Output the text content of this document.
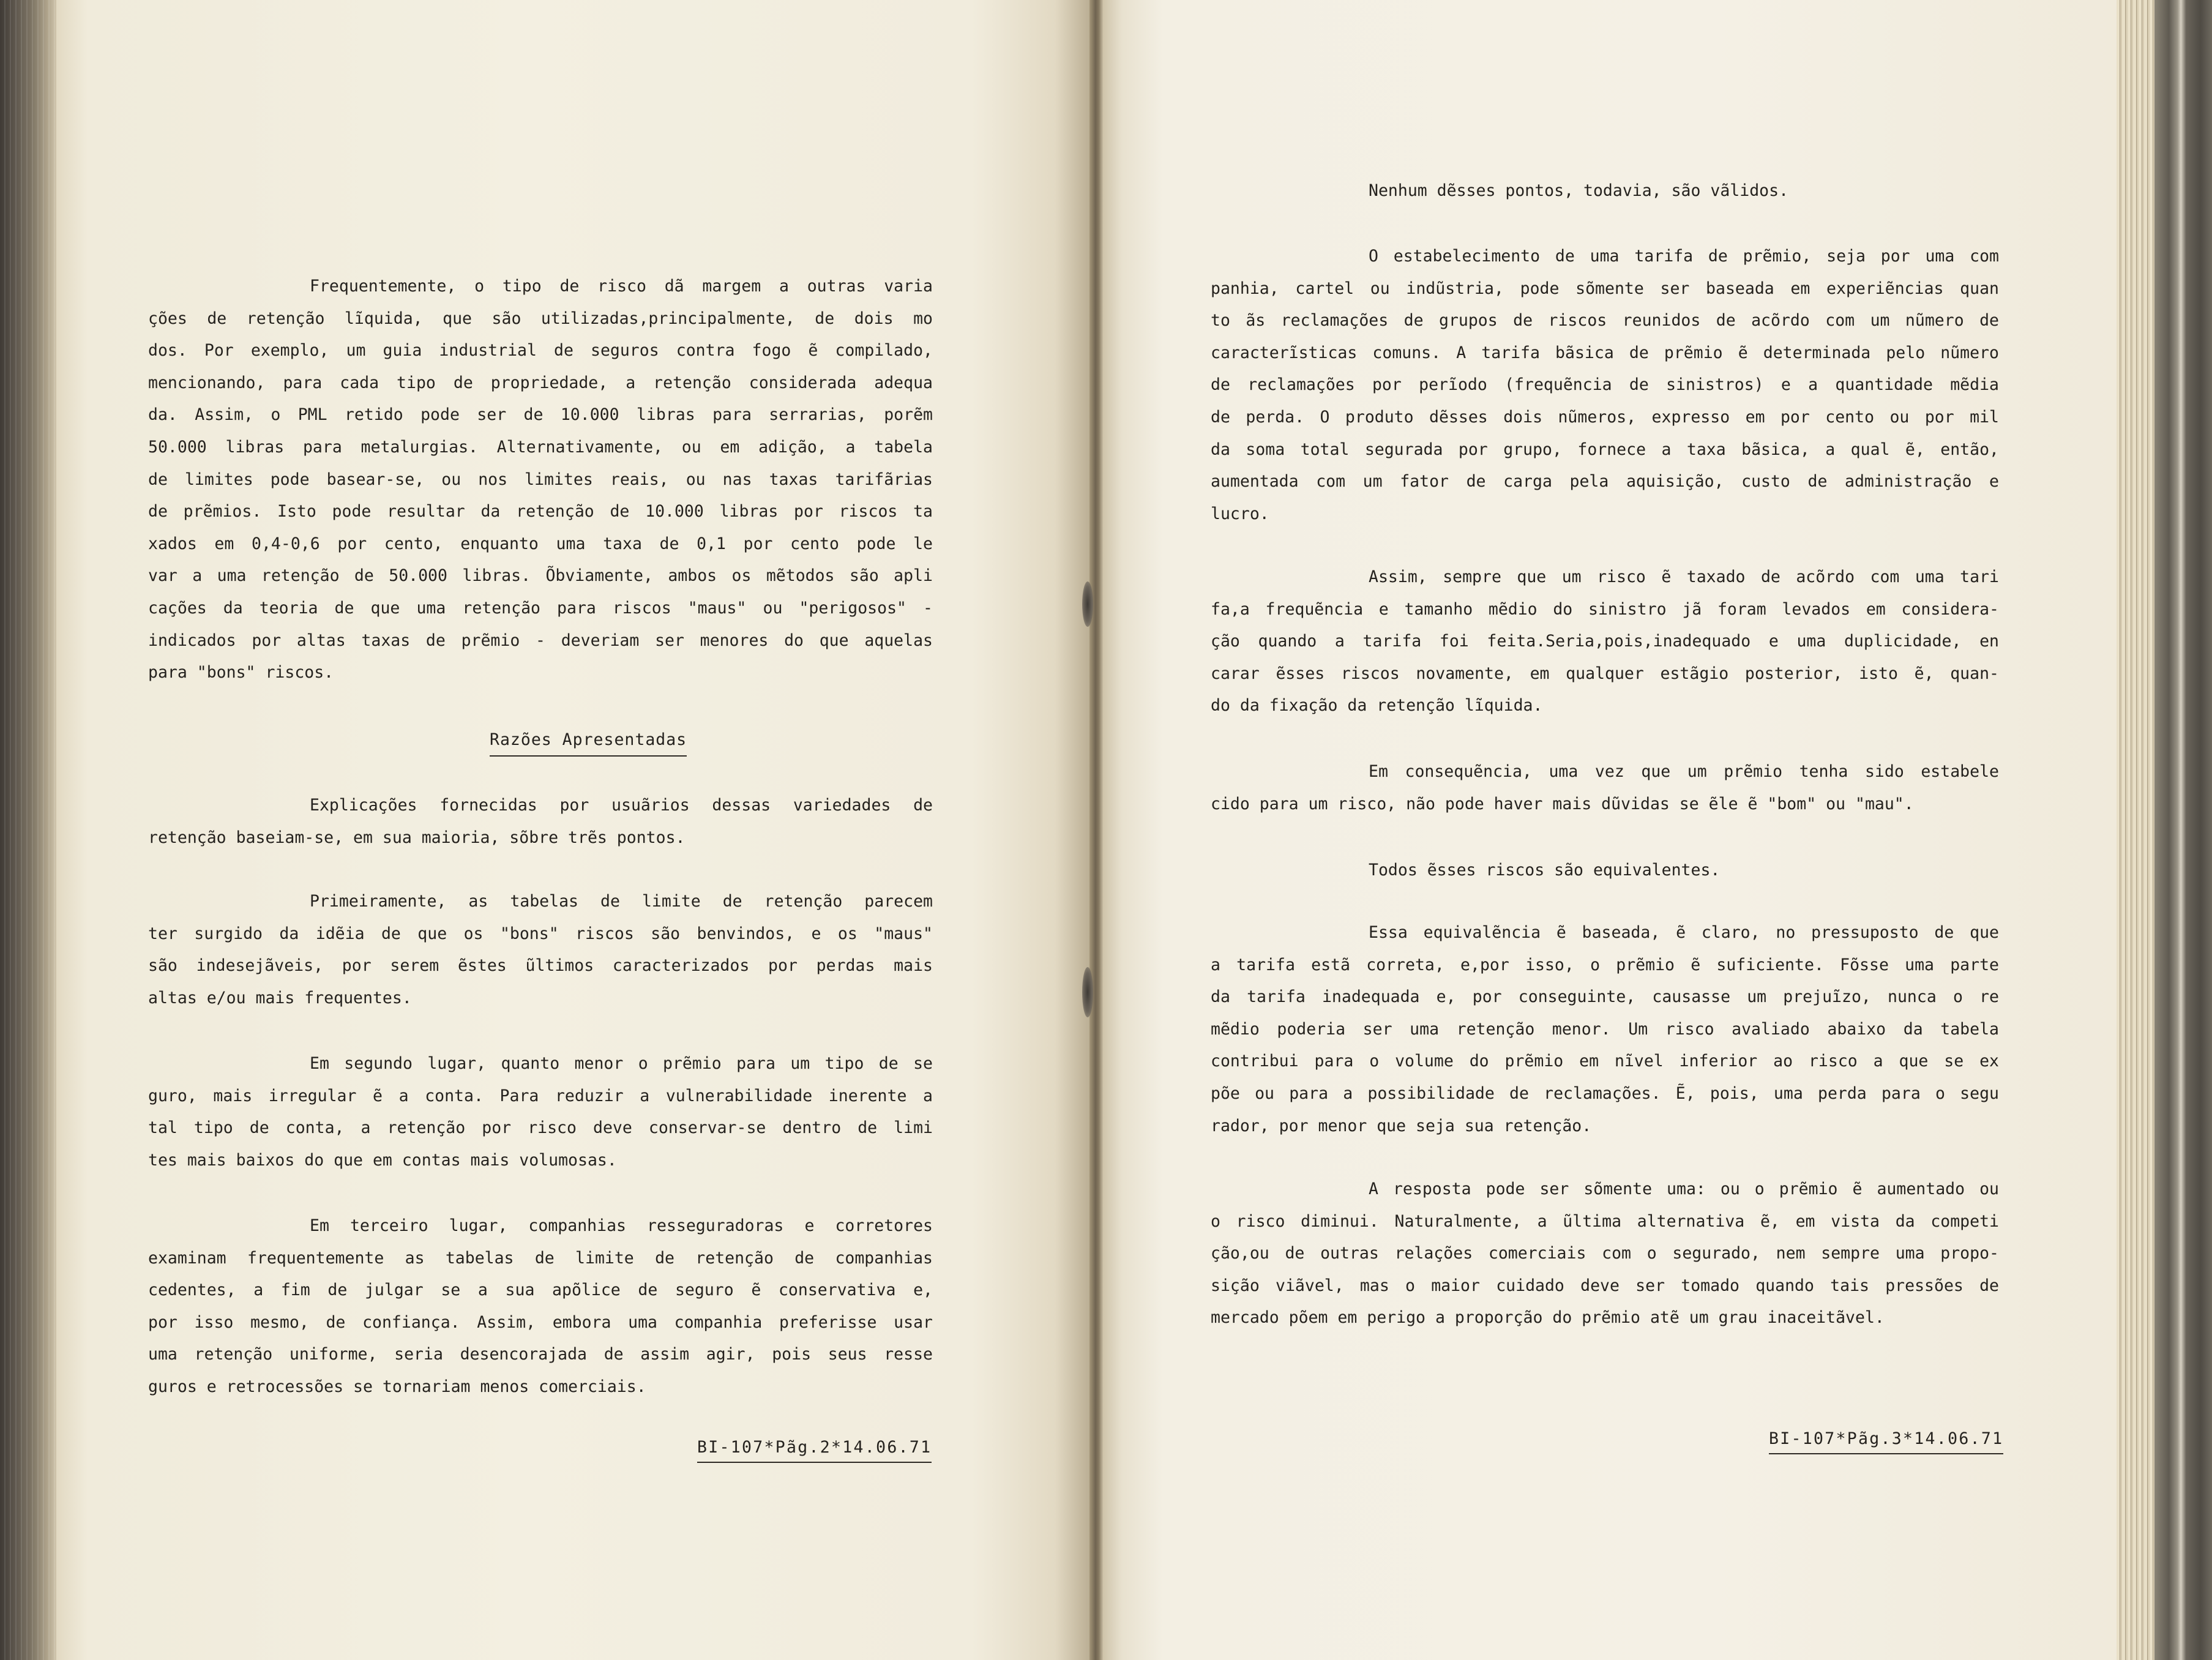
Frequentemente, o tipo de risco dã margem a outras varia
ções de retenção lĩquida, que são utilizadas,principalmente, de dois mo
dos. Por exemplo, um guia industrial de seguros contra fogo ẽ compilado,
mencionando, para cada tipo de propriedade, a retenção considerada adequa
da. Assim, o PML retido pode ser de 10.000 libras para serrarias, porẽm
50.000 libras para metalurgias. Alternativamente, ou em adição, a tabela
de limites pode basear-se, ou nos limites reais, ou nas taxas tarifãrias
de prẽmios. Isto pode resultar da retenção de 10.000 libras por riscos ta
xados em 0,4-0,6 por cento, enquanto uma taxa de 0,1 por cento pode le
var a uma retenção de 50.000 libras. Õbviamente, ambos os mẽtodos são apli
cações da teoria de que uma retenção para riscos "maus" ou "perigosos" -
indicados por altas taxas de prẽmio - deveriam ser menores do que aquelas
para "bons" riscos.
Razões Apresentadas
Explicações fornecidas por usuãrios dessas variedades de
retenção baseiam-se, em sua maioria, sõbre trẽs pontos.
Primeiramente, as tabelas de limite de retenção parecem
ter surgido da idẽia de que os "bons" riscos são benvindos, e os "maus"
são indesejãveis, por serem ẽstes ũltimos caracterizados por perdas mais
altas e/ou mais frequentes.
Em segundo lugar, quanto menor o prẽmio para um tipo de se
guro, mais irregular ẽ a conta. Para reduzir a vulnerabilidade inerente a
tal tipo de conta, a retenção por risco deve conservar-se dentro de limi
tes mais baixos do que em contas mais volumosas.
Em terceiro lugar, companhias resseguradoras e corretores
examinam frequentemente as tabelas de limite de retenção de companhias
cedentes, a fim de julgar se a sua apõlice de seguro ẽ conservativa e,
por isso mesmo, de confiança. Assim, embora uma companhia preferisse usar
uma retenção uniforme, seria desencorajada de assim agir, pois seus resse
guros e retrocessões se tornariam menos comerciais.
BI-107*Pãg.2*14.06.71
Nenhum dẽsses pontos, todavia, são vãlidos.
O estabelecimento de uma tarifa de prẽmio, seja por uma com
panhia, cartel ou indũstria, pode sõmente ser baseada em experiẽncias quan
to ãs reclamações de grupos de riscos reunidos de acõrdo com um nũmero de
caracterĩsticas comuns. A tarifa bãsica de prẽmio ẽ determinada pelo nũmero
de reclamações por perĩodo (frequẽncia de sinistros) e a quantidade mẽdia
de perda. O produto dẽsses dois nũmeros, expresso em por cento ou por mil
da soma total segurada por grupo, fornece a taxa bãsica, a qual ẽ, então,
aumentada com um fator de carga pela aquisição, custo de administração e
lucro.
Assim, sempre que um risco ẽ taxado de acõrdo com uma tari
fa,a frequẽncia e tamanho mẽdio do sinistro jã foram levados em considera-
ção quando a tarifa foi feita.Seria,pois,inadequado e uma duplicidade, en
carar ẽsses riscos novamente, em qualquer estãgio posterior, isto ẽ, quan-
do da fixação da retenção lĩquida.
Em consequẽncia, uma vez que um prẽmio tenha sido estabele
cido para um risco, não pode haver mais dũvidas se ẽle ẽ "bom" ou "mau".
Todos ẽsses riscos são equivalentes.
Essa equivalẽncia ẽ baseada, ẽ claro, no pressuposto de que
a tarifa estã correta, e,por isso, o prẽmio ẽ suficiente. Fõsse uma parte
da tarifa inadequada e, por conseguinte, causasse um prejuĩzo, nunca o re
mẽdio poderia ser uma retenção menor. Um risco avaliado abaixo da tabela
contribui para o volume do prẽmio em nĩvel inferior ao risco a que se ex
põe ou para a possibilidade de reclamações. Ẽ, pois, uma perda para o segu
rador, por menor que seja sua retenção.
A resposta pode ser sõmente uma: ou o prẽmio ẽ aumentado ou
o risco diminui. Naturalmente, a ũltima alternativa ẽ, em vista da competi
ção,ou de outras relações comerciais com o segurado, nem sempre uma propo-
sição viãvel, mas o maior cuidado deve ser tomado quando tais pressões de
mercado põem em perigo a proporção do prẽmio atẽ um grau inaceitãvel.
BI-107*Pãg.3*14.06.71
